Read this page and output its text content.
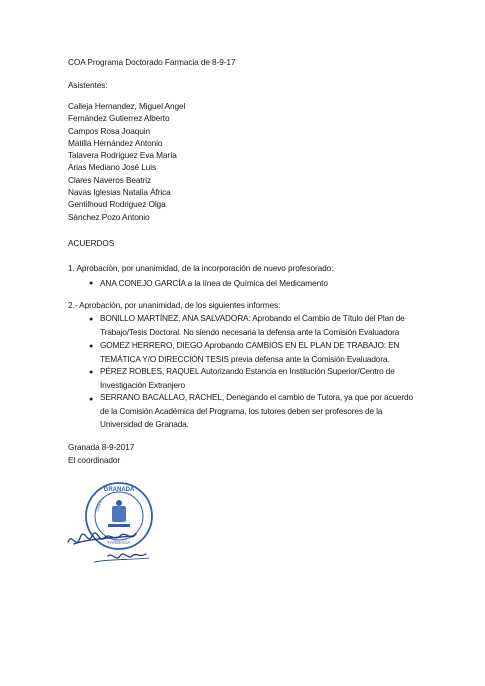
COA Programa Doctorado Farmacia de 8-9-17
Asistentes:
Calleja Hernandez, Miguel Angel
Fernández Gutierrez Alberto
Campos Rosa Joaquin
Matilla Hernández Antonio
Talavera Rodriguez Eva María
Arias Mediano José Luis
Clares Naveros Beatriz
Navas Iglesias Natalia África
Gentilhoud Rodriguez Olga
Sánchez Pozo Antonio
ACUERDOS
1. Aprobación, por unanimidad, de la incorporación de nuevo profesorado:
● ANA CONEJO GARCÍA a la línea de Química del Medicamento
2.- Aprobación, por unanimidad, de los siguientes informes:
● BONILLO MARTÍNEZ, ANA SALVADORA: Aprobando el Cambio de Título del Plan de
Trabajo/Tesis Doctoral. No siendo necesaria la defensa ante la Comisión Evaluadora
● GOMEZ HERRERO, DIEGO Aprobando CAMBIOS EN EL PLAN DE TRABAJO: EN
TEMÁTICA Y/O DIRECCIÓN TESIS previa defensa ante la Comisión Evaluadora.
● PÉREZ ROBLES, RAQUEL Autorizando Estancia en Institución Superior/Centro de
Investigación Extranjero
● SERRANO BACALLAO, RACHEL, Denegando el cambio de Tutora, ya que por acuerdo
de la Comisión Académica del Programa, los tutores deben ser profesores de la
Universidad de Granada.
Granada 8-9-2017
El coordinador
GRANADA
UNIV
FARMACIA
